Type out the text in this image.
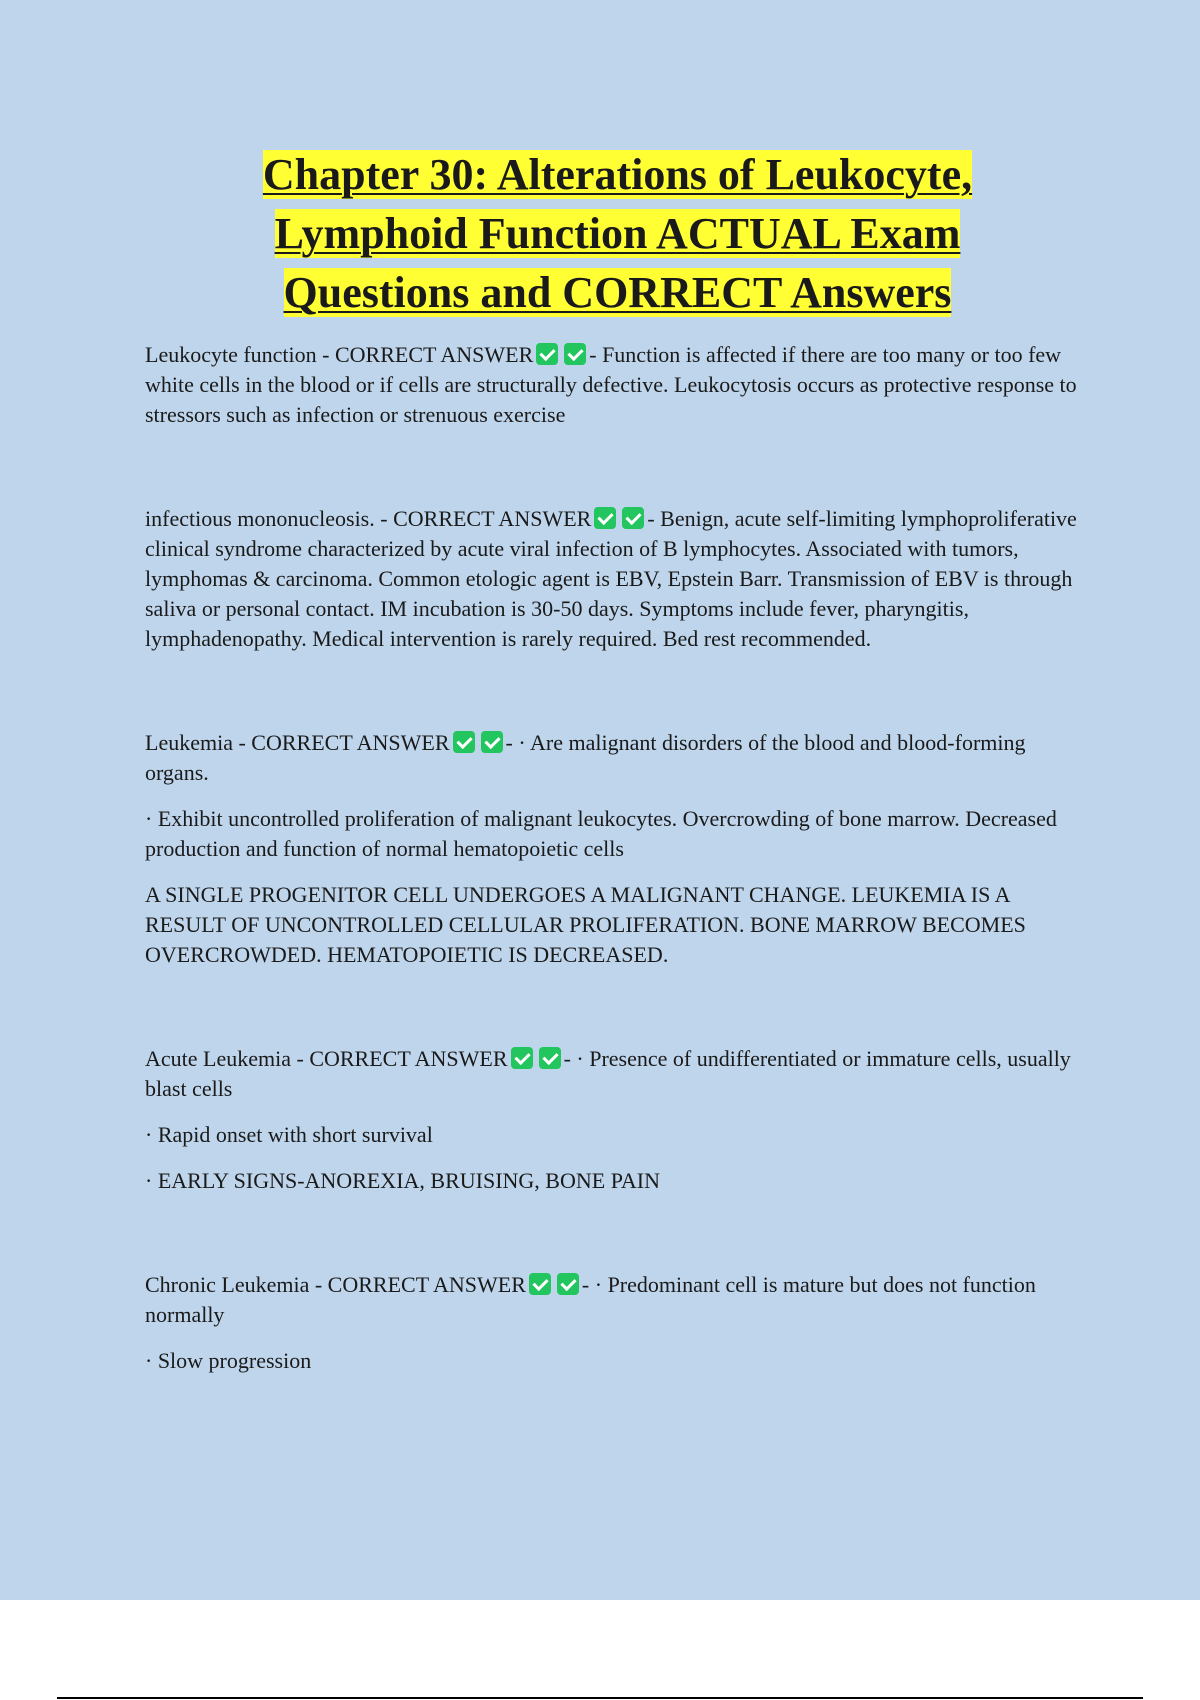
Chapter 30: Alterations of Leukocyte,
Lymphoid Function ACTUAL Exam
Questions and CORRECT Answers

Leukocyte function - CORRECT ANSWER	- Function is affected if there are too many or too few white cells in the blood or if cells are structurally defective. Leukocytosis occurs as protective response to stressors such as infection or strenuous exercise

infectious mononucleosis. - CORRECT ANSWER	- Benign, acute self-limiting lymphoproliferative clinical syndrome characterized by acute viral infection of B lymphocytes. Associated with tumors, lymphomas & carcinoma. Common etologic agent is EBV, Epstein Barr. Transmission of EBV is through saliva or personal contact. IM incubation is 30-50 days. Symptoms include fever, pharyngitis, lymphadenopathy. Medical intervention is rarely required. Bed rest recommended.

Leukemia - CORRECT ANSWER	- · Are malignant disorders of the blood and blood-forming organs.

· Exhibit uncontrolled proliferation of malignant leukocytes. Overcrowding of bone marrow. Decreased production and function of normal hematopoietic cells

A SINGLE PROGENITOR CELL UNDERGOES A MALIGNANT CHANGE. LEUKEMIA IS A RESULT OF UNCONTROLLED CELLULAR PROLIFERATION. BONE MARROW BECOMES OVERCROWDED. HEMATOPOIETIC IS DECREASED.

Acute Leukemia - CORRECT ANSWER	- · Presence of undifferentiated or immature cells, usually blast cells

· Rapid onset with short survival

· EARLY SIGNS-ANOREXIA, BRUISING, BONE PAIN

Chronic Leukemia - CORRECT ANSWER	- · Predominant cell is mature but does not function normally

· Slow progression
